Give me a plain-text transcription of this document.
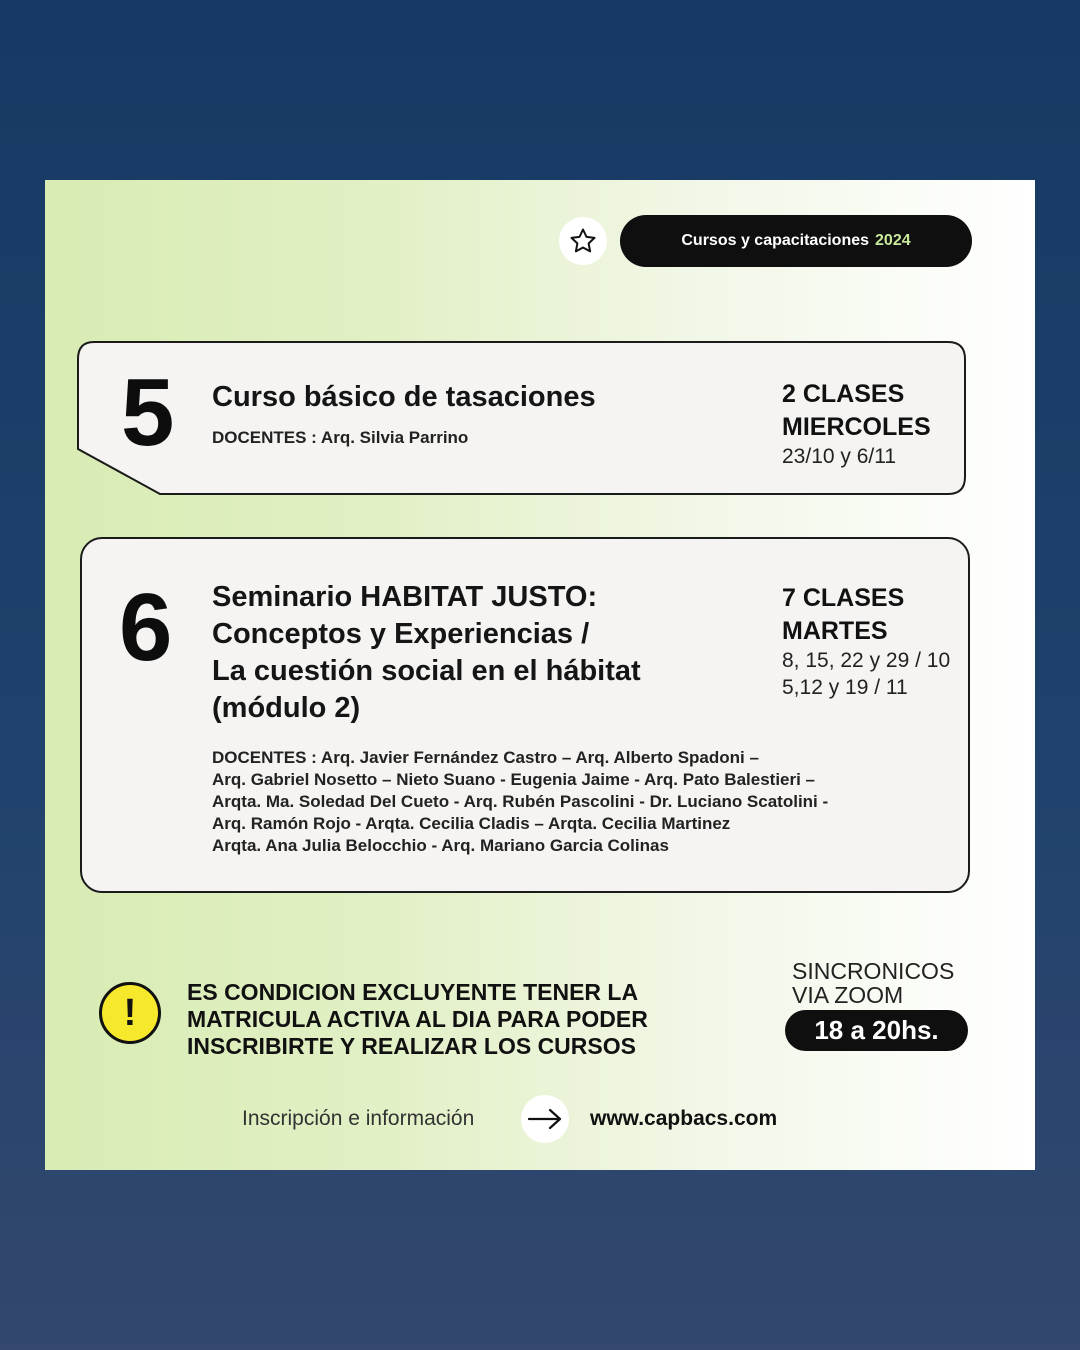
Cursos y capacitaciones 2024
5 Curso básico de tasaciones
DOCENTES : Arq. Silvia Parrino
2 CLASES
MIERCOLES
23/10 y 6/11
6 Seminario HABITAT JUSTO:
Conceptos y Experiencias /
La cuestión social en el hábitat
(módulo 2)
DOCENTES : Arq. Javier Fernández Castro – Arq. Alberto Spadoni –
Arq. Gabriel Nosetto – Nieto Suano - Eugenia Jaime - Arq. Pato Balestieri –
Arqta. Ma. Soledad Del Cueto - Arq. Rubén Pascolini - Dr. Luciano Scatolini -
Arq. Ramón Rojo - Arqta. Cecilia Cladis – Arqta. Cecilia Martinez
Arqta. Ana Julia Belocchio - Arq. Mariano Garcia Colinas
7 CLASES
MARTES
8, 15, 22 y 29 / 10
5,12 y 19 / 11
!	ES CONDICION EXCLUYENTE TENER LA
MATRICULA ACTIVA AL DIA PARA PODER
INSCRIBIRTE Y REALIZAR LOS CURSOS
SINCRONICOS
VIA ZOOM
18 a 20hs.
Inscripción e información	www.capbacs.com
